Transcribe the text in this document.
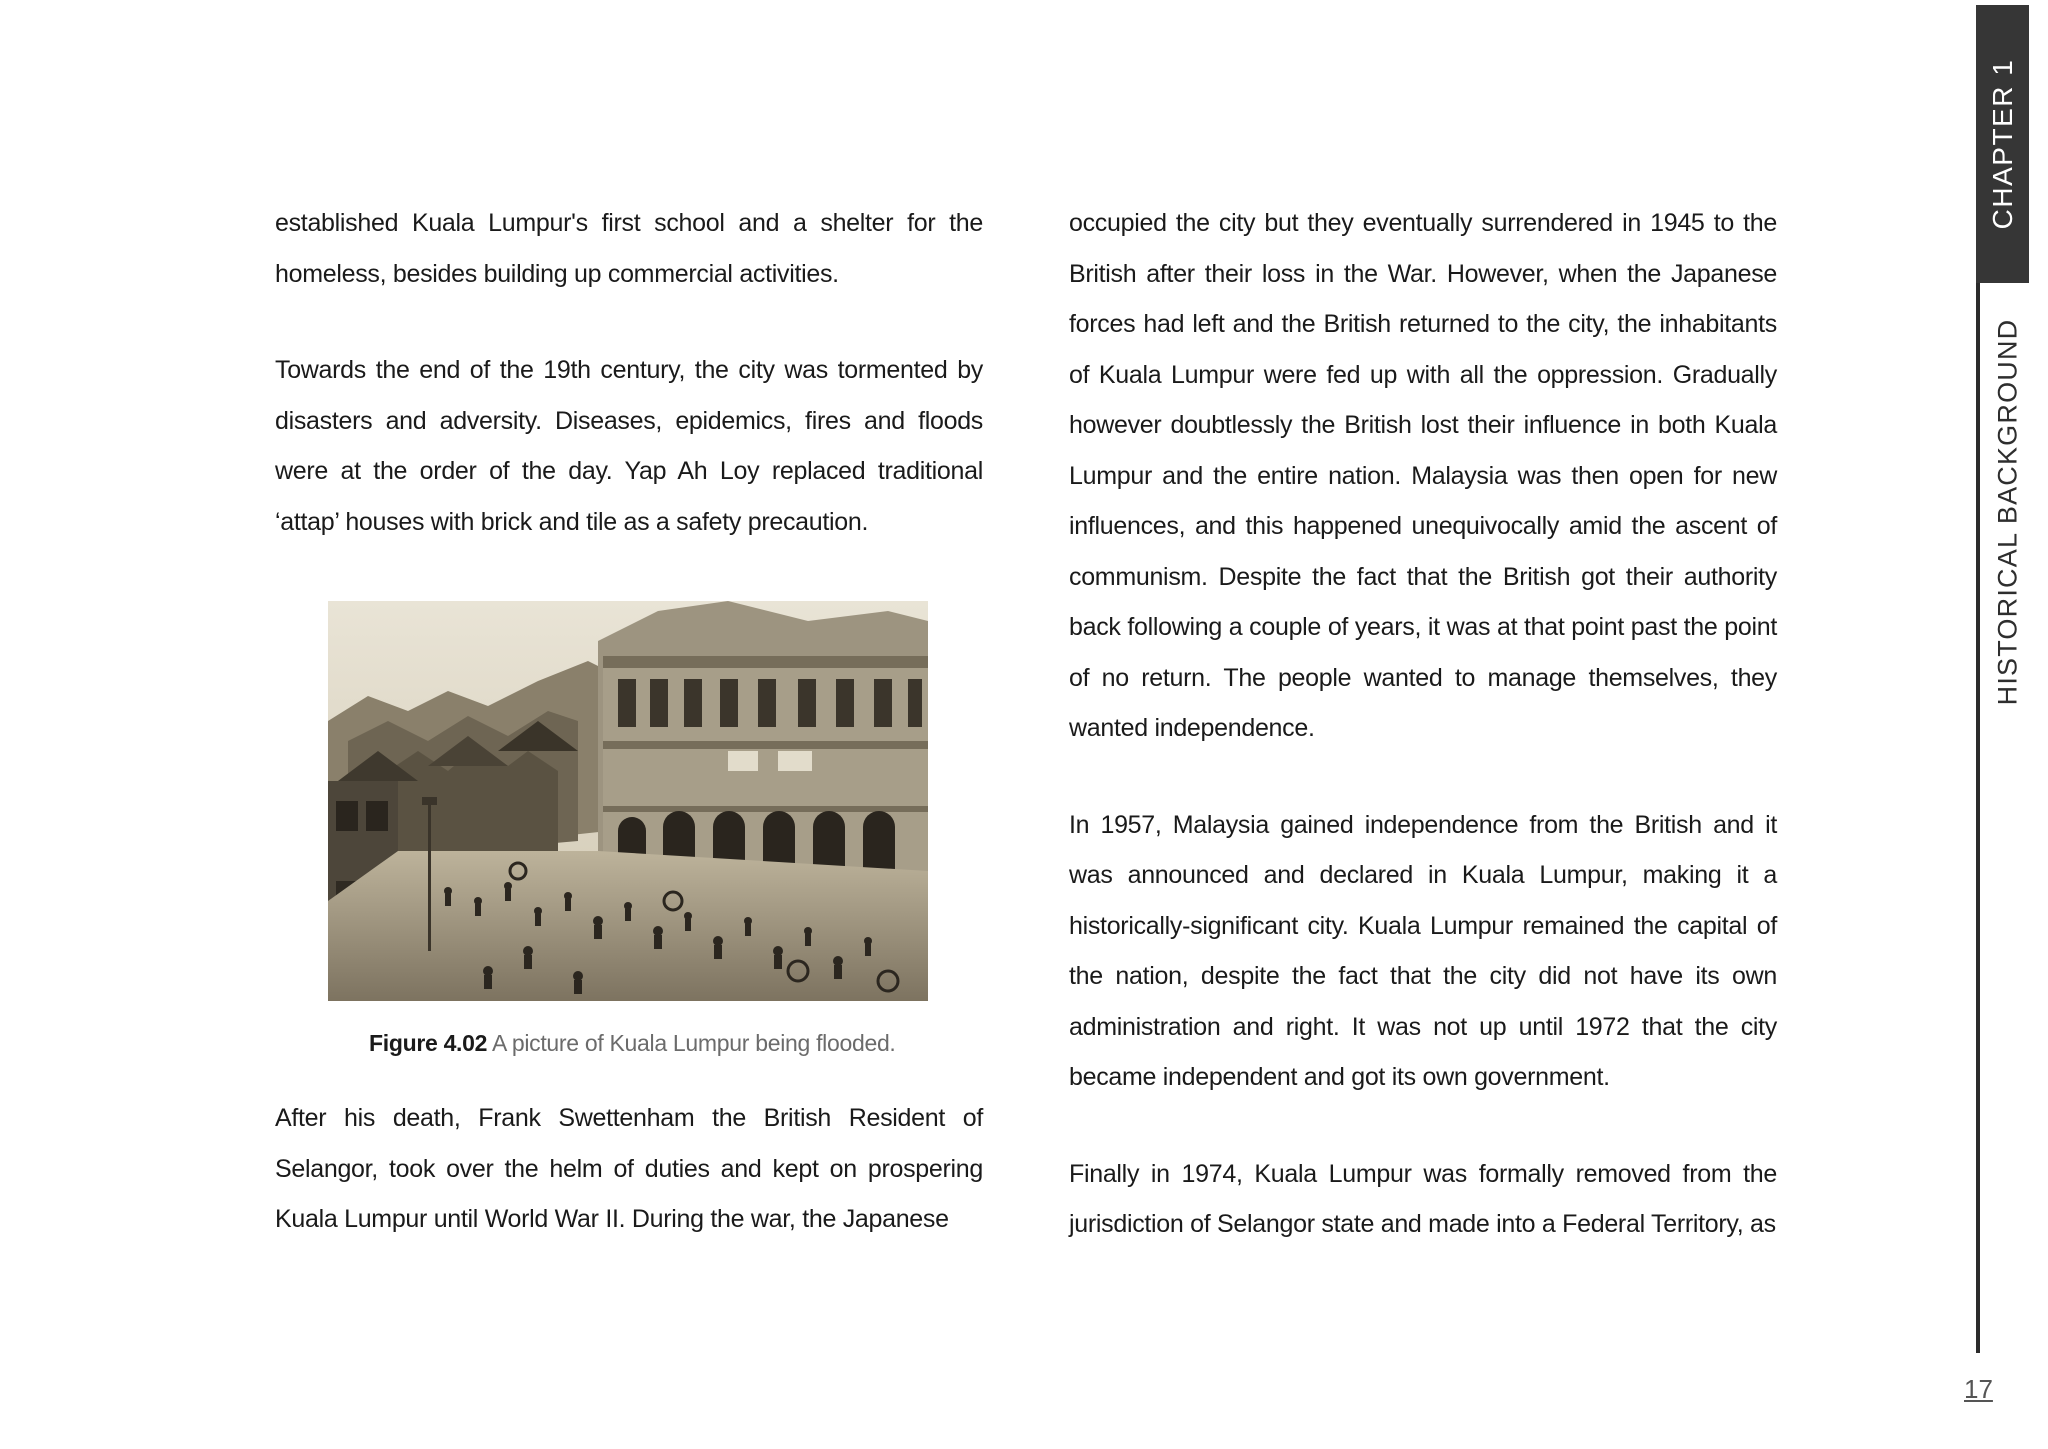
established Kuala Lumpur's first school and a shelter for the homeless, besides building up commercial activities.

Towards the end of the 19th century, the city was tormented by disasters and adversity. Diseases, epidemics, fires and floods were at the order of the day. Yap Ah Loy replaced traditional ‘attap’ houses with brick and tile as a safety precaution.

Figure 4.02 A picture of Kuala Lumpur being flooded.

After his death, Frank Swettenham the British Resident of Selangor, took over the helm of duties and kept on prospering Kuala Lumpur until World War II. During the war, the Japanese

occupied the city but they eventually surrendered in 1945 to the British after their loss in the War. However, when the Japanese forces had left and the British returned to the city, the inhabitants of Kuala Lumpur were fed up with all the oppression. Gradually however doubtlessly the British lost their influence in both Kuala Lumpur and the entire nation. Malaysia was then open for new influences, and this happened unequivocally amid the ascent of communism. Despite the fact that the British got their authority back following a couple of years, it was at that point past the point of no return. The people wanted to manage themselves, they wanted independence.

In 1957, Malaysia gained independence from the British and it was announced and declared in Kuala Lumpur, making it a historically-significant city. Kuala Lumpur remained the capital of the nation, despite the fact that the city did not have its own administration and right. It was not up until 1972 that the city became independent and got its own government.

Finally in 1974, Kuala Lumpur was formally removed from the jurisdiction of Selangor state and made into a Federal Territory, as

CHAPTER 1
HISTORICAL BACKGROUND
17
